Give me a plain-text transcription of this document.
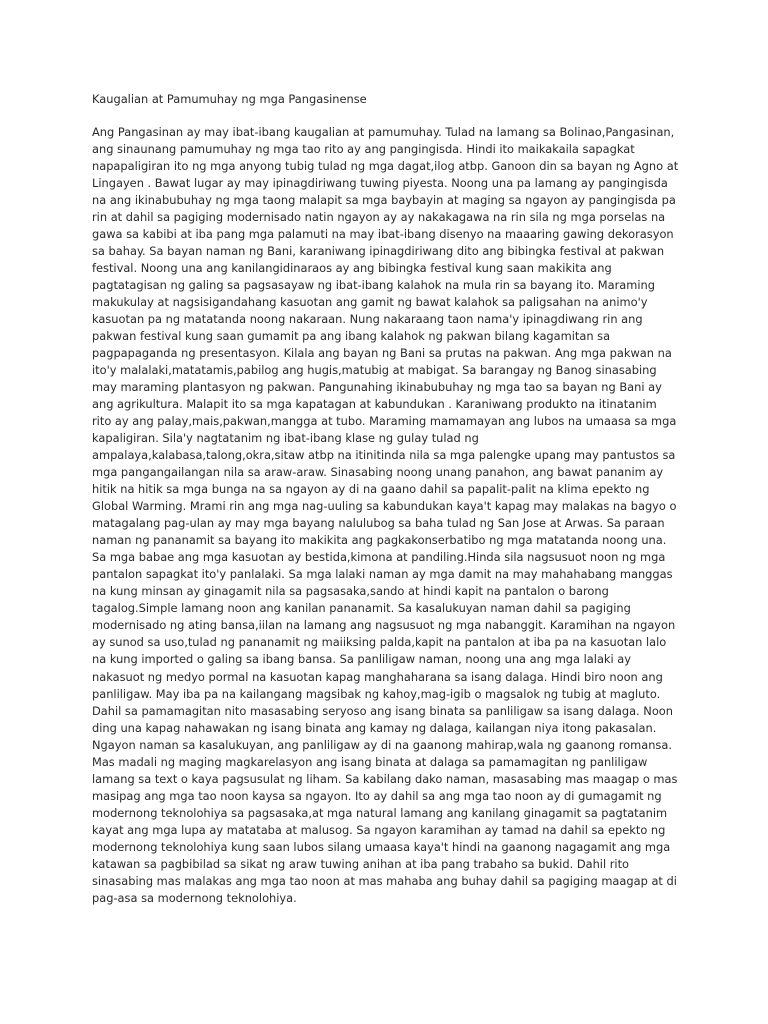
Kaugalian at Pamumuhay ng mga Pangasinense
Ang Pangasinan ay may ibat-ibang kaugalian at pamumuhay. Tulad na lamang sa Bolinao,Pangasinan,
ang sinaunang pamumuhay ng mga tao rito ay ang pangingisda. Hindi ito maikakaila sapagkat
napapaligiran ito ng mga anyong tubig tulad ng mga dagat,ilog atbp. Ganoon din sa bayan ng Agno at
Lingayen . Bawat lugar ay may ipinagdiriwang tuwing piyesta. Noong una pa lamang ay pangingisda
na ang ikinabubuhay ng mga taong malapit sa mga baybayin at maging sa ngayon ay pangingisda pa
rin at dahil sa pagiging modernisado natin ngayon ay ay nakakagawa na rin sila ng mga porselas na
gawa sa kabibi at iba pang mga palamuti na may ibat-ibang disenyo na maaaring gawing dekorasyon
sa bahay. Sa bayan naman ng Bani, karaniwang ipinagdiriwang dito ang bibingka festival at pakwan
festival. Noong una ang kanilangidinaraos ay ang bibingka festival kung saan makikita ang
pagtatagisan ng galing sa pagsasayaw ng ibat-ibang kalahok na mula rin sa bayang ito. Maraming
makukulay at nagsisigandahang kasuotan ang gamit ng bawat kalahok sa paligsahan na animo'y
kasuotan pa ng matatanda noong nakaraan. Nung nakaraang taon nama'y ipinagdiwang rin ang
pakwan festival kung saan gumamit pa ang ibang kalahok ng pakwan bilang kagamitan sa
pagpapaganda ng presentasyon. Kilala ang bayan ng Bani sa prutas na pakwan. Ang mga pakwan na
ito'y malalaki,matatamis,pabilog ang hugis,matubig at mabigat. Sa barangay ng Banog sinasabing
may maraming plantasyon ng pakwan. Pangunahing ikinabubuhay ng mga tao sa bayan ng Bani ay
ang agrikultura. Malapit ito sa mga kapatagan at kabundukan . Karaniwang produkto na itinatanim
rito ay ang palay,mais,pakwan,mangga at tubo. Maraming mamamayan ang lubos na umaasa sa mga
kapaligiran. Sila'y nagtatanim ng ibat-ibang klase ng gulay tulad ng
ampalaya,kalabasa,talong,okra,sitaw atbp na itinitinda nila sa mga palengke upang may pantustos sa
mga pangangailangan nila sa araw-araw. Sinasabing noong unang panahon, ang bawat pananim ay
hitik na hitik sa mga bunga na sa ngayon ay di na gaano dahil sa papalit-palit na klima epekto ng
Global Warming. Mrami rin ang mga nag-uuling sa kabundukan kaya't kapag may malakas na bagyo o
matagalang pag-ulan ay may mga bayang nalulubog sa baha tulad ng San Jose at Arwas. Sa paraan
naman ng pananamit sa bayang ito makikita ang pagkakonserbatibo ng mga matatanda noong una.
Sa mga babae ang mga kasuotan ay bestida,kimona at pandiling.Hinda sila nagsusuot noon ng mga
pantalon sapagkat ito'y panlalaki. Sa mga lalaki naman ay mga damit na may mahahabang manggas
na kung minsan ay ginagamit nila sa pagsasaka,sando at hindi kapit na pantalon o barong
tagalog.Simple lamang noon ang kanilan pananamit. Sa kasalukuyan naman dahil sa pagiging
modernisado ng ating bansa,iilan na lamang ang nagsusuot ng mga nabanggit. Karamihan na ngayon
ay sunod sa uso,tulad ng pananamit ng maiiksing palda,kapit na pantalon at iba pa na kasuotan lalo
na kung imported o galing sa ibang bansa. Sa panliligaw naman, noong una ang mga lalaki ay
nakasuot ng medyo pormal na kasuotan kapag manghaharana sa isang dalaga. Hindi biro noon ang
panliligaw. May iba pa na kailangang magsibak ng kahoy,mag-igib o magsalok ng tubig at magluto.
Dahil sa pamamagitan nito masasabing seryoso ang isang binata sa panliligaw sa isang dalaga. Noon
ding una kapag nahawakan ng isang binata ang kamay ng dalaga, kailangan niya itong pakasalan.
Ngayon naman sa kasalukuyan, ang panliligaw ay di na gaanong mahirap,wala ng gaanong romansa.
Mas madali ng maging magkarelasyon ang isang binata at dalaga sa pamamagitan ng panliligaw
lamang sa text o kaya pagsusulat ng liham. Sa kabilang dako naman, masasabing mas maagap o mas
masipag ang mga tao noon kaysa sa ngayon. Ito ay dahil sa ang mga tao noon ay di gumagamit ng
modernong teknolohiya sa pagsasaka,at mga natural lamang ang kanilang ginagamit sa pagtatanim
kayat ang mga lupa ay matataba at malusog. Sa ngayon karamihan ay tamad na dahil sa epekto ng
modernong teknolohiya kung saan lubos silang umaasa kaya't hindi na gaanong nagagamit ang mga
katawan sa pagbibilad sa sikat ng araw tuwing anihan at iba pang trabaho sa bukid. Dahil rito
sinasabing mas malakas ang mga tao noon at mas mahaba ang buhay dahil sa pagiging maagap at di
pag-asa sa modernong teknolohiya.
